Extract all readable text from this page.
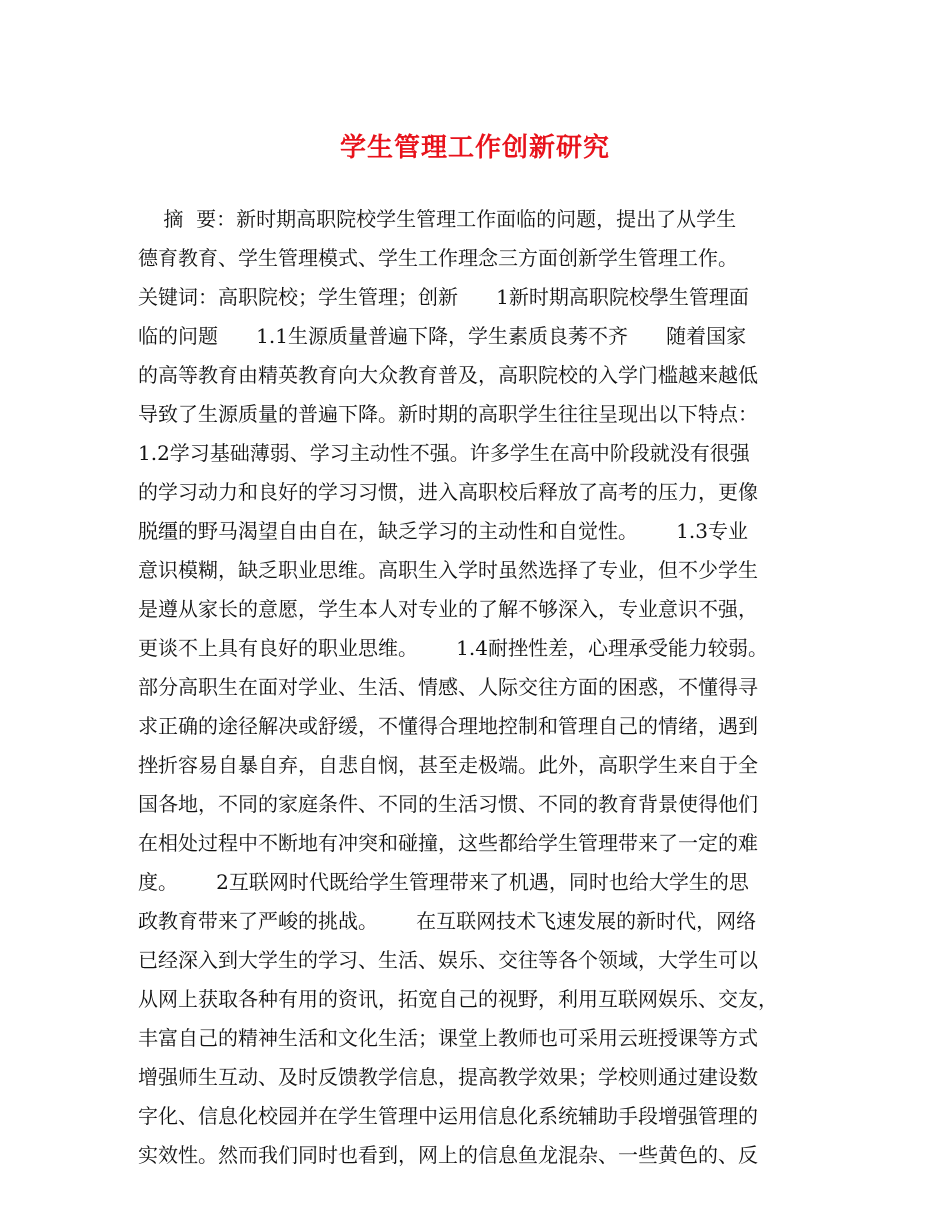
学生管理工作创新研究
摘  要：新时期高职院校学生管理工作面临的问题，提出了从学生
德育教育、学生管理模式、学生工作理念三方面创新学生管理工作。
关键词：高职院校；学生管理；创新      1新时期高职院校學生管理面
临的问题      1.1生源质量普遍下降，学生素质良莠不齐      随着国家
的高等教育由精英教育向大众教育普及，高职院校的入学门槛越来越低
导致了生源质量的普遍下降。新时期的高职学生往往呈现出以下特点：
1.2学习基础薄弱、学习主动性不强。许多学生在高中阶段就没有很强
的学习动力和良好的学习习惯，进入高职校后释放了高考的压力，更像
脱缰的野马渴望自由自在，缺乏学习的主动性和自觉性。      1.3专业
意识模糊，缺乏职业思维。高职生入学时虽然选择了专业，但不少学生
是遵从家长的意愿，学生本人对专业的了解不够深入，专业意识不强，
更谈不上具有良好的职业思维。      1.4耐挫性差，心理承受能力较弱。
部分高职生在面对学业、生活、情感、人际交往方面的困惑，不懂得寻
求正确的途径解决或舒缓，不懂得合理地控制和管理自己的情绪，遇到
挫折容易自暴自弃，自悲自悯，甚至走极端。此外，高职学生来自于全
国各地，不同的家庭条件、不同的生活习惯、不同的教育背景使得他们
在相处过程中不断地有冲突和碰撞，这些都给学生管理带来了一定的难
度。      2互联网时代既给学生管理带来了机遇，同时也给大学生的思
政教育带来了严峻的挑战。      在互联网技术飞速发展的新时代，网络
已经深入到大学生的学习、生活、娱乐、交往等各个领域，大学生可以
从网上获取各种有用的资讯，拓宽自己的视野，利用互联网娱乐、交友，
丰富自己的精神生活和文化生活；课堂上教师也可采用云班授课等方式
增强师生互动、及时反馈教学信息，提高教学效果；学校则通过建设数
字化、信息化校园并在学生管理中运用信息化系统辅助手段增强管理的
实效性。然而我们同时也看到，网上的信息鱼龙混杂、一些黄色的、反
